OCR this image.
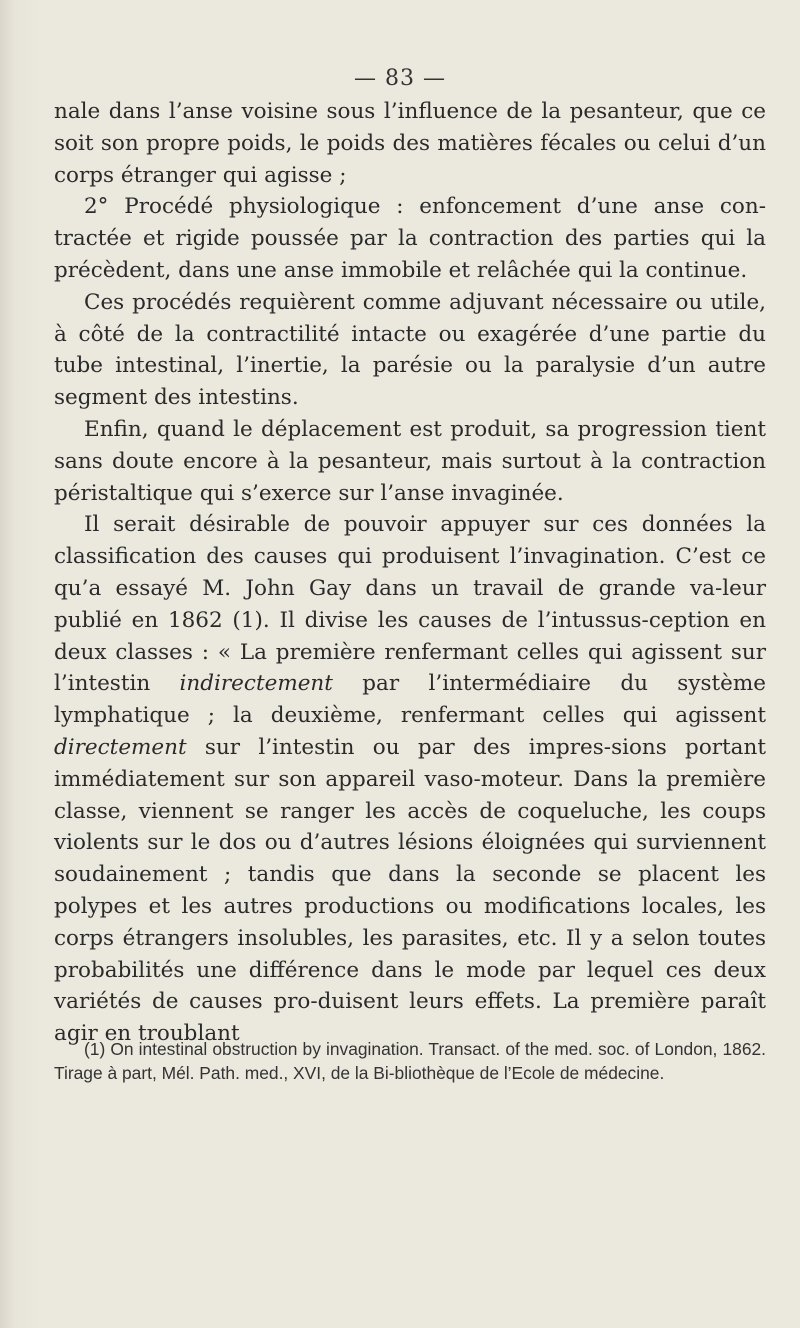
— 83 —

nale dans l’anse voisine sous l’influence de la pesanteur, que ce soit son propre poids, le poids des matières fécales ou celui d’un corps étranger qui agisse ;

2° Procédé physiologique : enfoncement d’une anse con-tractée et rigide poussée par la contraction des parties qui la précèdent, dans une anse immobile et relâchée qui la continue.

Ces procédés requièrent comme adjuvant nécessaire ou utile, à côté de la contractilité intacte ou exagérée d’une partie du tube intestinal, l’inertie, la parésie ou la paralysie d’un autre segment des intestins.

Enfin, quand le déplacement est produit, sa progression tient sans doute encore à la pesanteur, mais surtout à la contraction péristaltique qui s’exerce sur l’anse invaginée.

Il serait désirable de pouvoir appuyer sur ces données la classification des causes qui produisent l’invagination. C’est ce qu’a essayé M. John Gay dans un travail de grande va-leur publié en 1862 (1). Il divise les causes de l’intussus-ception en deux classes : « La première renfermant celles qui agissent sur l’intestin indirectement par l’intermédiaire du système lymphatique ; la deuxième, renfermant celles qui agissent directement sur l’intestin ou par des impres-sions portant immédiatement sur son appareil vaso-moteur. Dans la première classe, viennent se ranger les accès de coqueluche, les coups violents sur le dos ou d’autres lésions éloignées qui surviennent soudainement ; tandis que dans la seconde se placent les polypes et les autres productions ou modifications locales, les corps étrangers insolubles, les parasites, etc. Il y a selon toutes probabilités une différence dans le mode par lequel ces deux variétés de causes pro-duisent leurs effets. La première paraît agir en troublant

(1) On intestinal obstruction by invagination. Transact. of the med. soc. of London, 1862. Tirage à part, Mél. Path. med., XVI, de la Bi-bliothèque de l’Ecole de médecine.
